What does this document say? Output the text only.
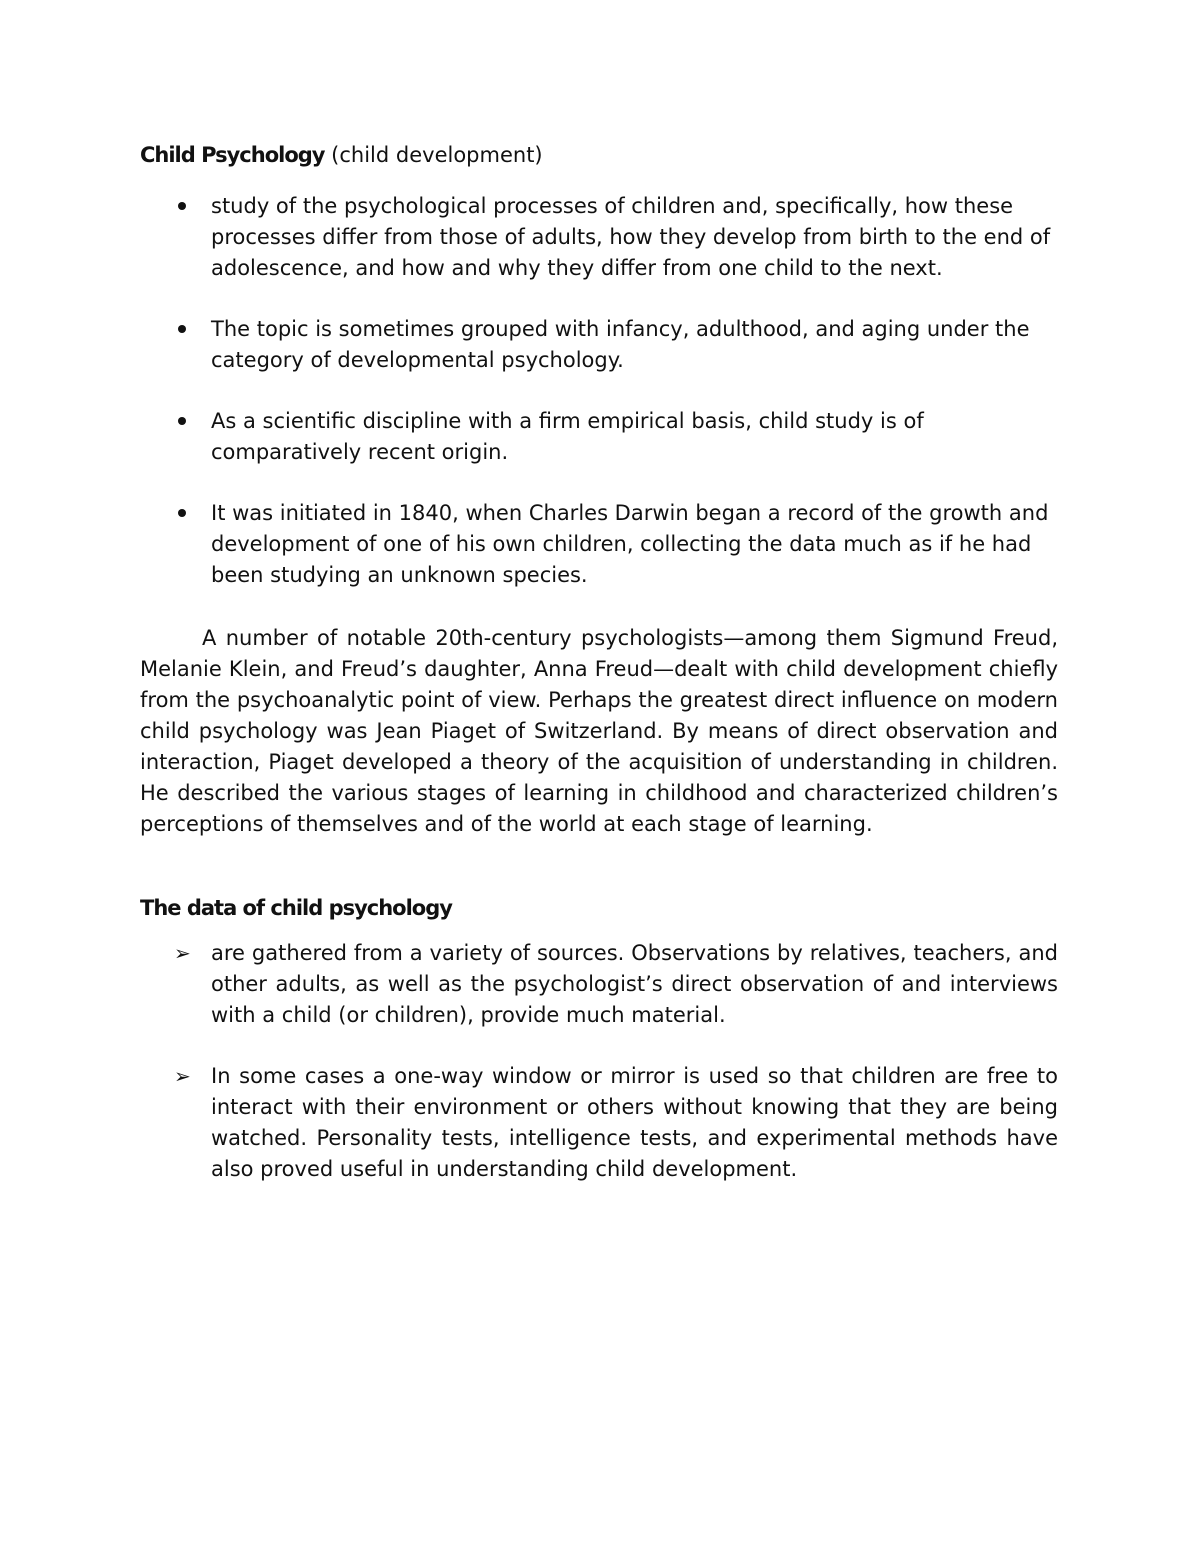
Child Psychology (child development)
study of the psychological processes of children and, specifically, how these processes differ from those of adults, how they develop from birth to the end of adolescence, and how and why they differ from one child to the next.
The topic is sometimes grouped with infancy, adulthood, and aging under the category of developmental psychology.
As a scientific discipline with a firm empirical basis, child study is of comparatively recent origin.
It was initiated in 1840, when Charles Darwin began a record of the growth and development of one of his own children, collecting the data much as if he had been studying an unknown species.

A number of notable 20th-century psychologists—among them Sigmund Freud, Melanie Klein, and Freud’s daughter, Anna Freud—dealt with child development chiefly from the psychoanalytic point of view. Perhaps the greatest direct influence on modern child psychology was Jean Piaget of Switzerland. By means of direct observation and interaction, Piaget developed a theory of the acquisition of understanding in children. He described the various stages of learning in childhood and characterized children’s perceptions of themselves and of the world at each stage of learning.

The data of child psychology
➢ are gathered from a variety of sources. Observations by relatives, teachers, and other adults, as well as the psychologist’s direct observation of and interviews with a child (or children), provide much material.
➢ In some cases a one-way window or mirror is used so that children are free to interact with their environment or others without knowing that they are being watched. Personality tests, intelligence tests, and experimental methods have also proved useful in understanding child development.
